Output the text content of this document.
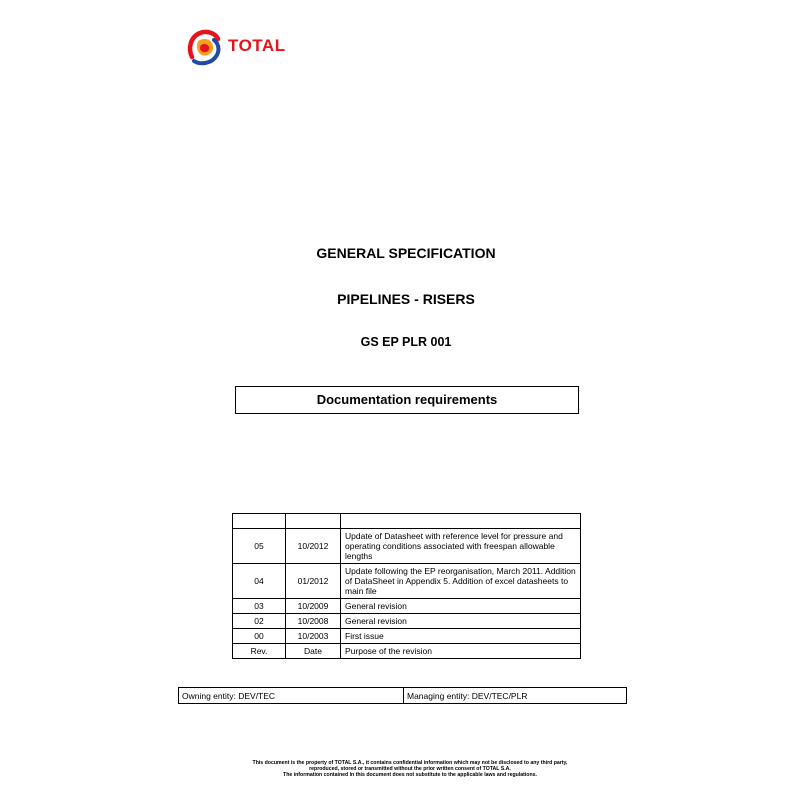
TOTAL
GENERAL SPECIFICATION
PIPELINES - RISERS
GS EP PLR 001
Documentation requirements

05	10/2012	Update of Datasheet with reference level for pressure and operating conditions associated with freespan allowable lengths
04	01/2012	Update following the EP reorganisation, March 2011. Addition of DataSheet in Appendix 5. Addition of excel datasheets to main file
03	10/2009	General revision
02	10/2008	General revision
00	10/2003	First issue
Rev.	Date	Purpose of the revision
Owning entity: DEV/TEC	Managing entity: DEV/TEC/PLR
This document is the property of TOTAL S.A., it contains confidential information which may not be disclosed to any third party,
reproduced, stored or transmitted without the prior written consent of TOTAL S.A.
The information contained in this document does not substitute to the applicable laws and regulations.
